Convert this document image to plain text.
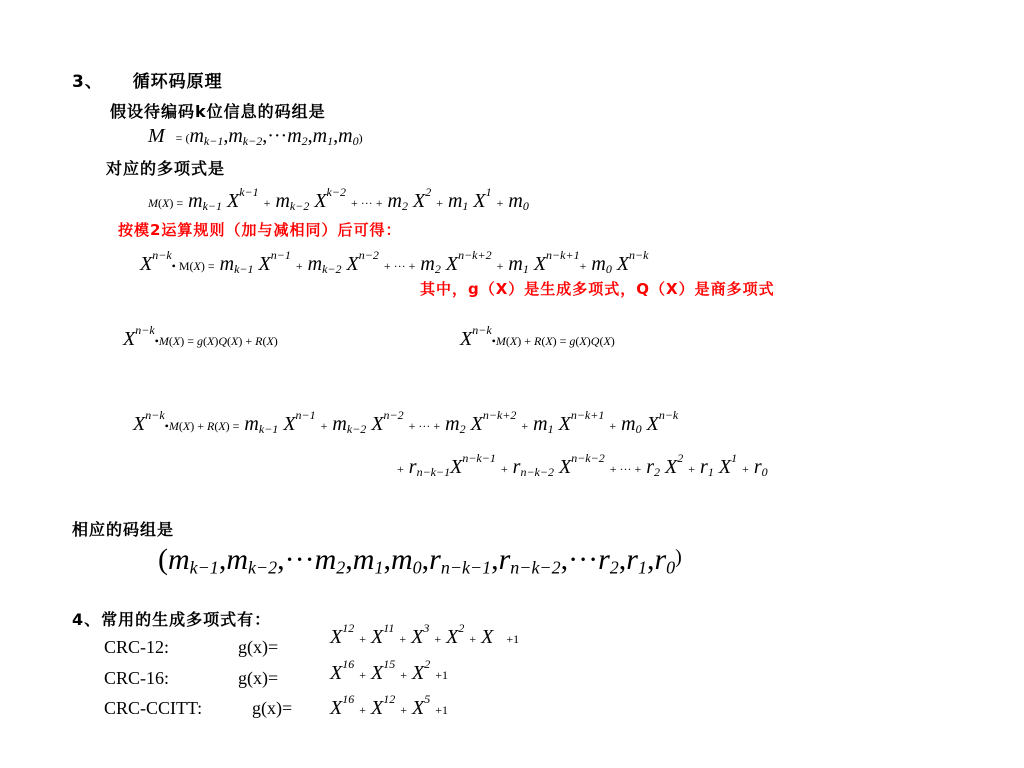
3、 循环码原理
假设待编码k位信息的码组是
$M = (m_{k-1},m_{k-2},\cdot\cdot\cdot m_2,m_1,m_0)$
对应的多项式是
$M(X) = m_{k-1}$ $X^{k-1} + m_{k-2}$ $X^{k-2}$ + ··· + $m_2$ $X^2 + m_1$ $X^1 + m_0$
按模2运算规则（加与减相同）后可得：
$X^{n-k}•$ $M(X) = m_{k-1}$ $X^{n-1} + m_{k-2}$ $X^{n-2}$ + ··· + $m_2$ $X^{n-k+2} + m_1$ $X^{n-k+1}+ m_0$ $X^{n-k}$
其中，g（X）是生成多项式，Q（X）是商多项式
$X^{n-k}•M(X) = g(X)Q(X) + R(X)$	$X^{n-k}•M(X) + R(X) = g(X)Q(X)$
$X^{n-k}•M(X) + R(X) = m_{k-1}$ $X^{n-1} + m_{k-2}$ $X^{n-2}$ + ··· + $m_2$ $X^{n-k+2} + m_1$ $X^{n-k+1} + m_0$ $X^{n-k}$
+ $r_{n-k-1}X^{n-k-1} + r_{n-k-2}$ $X^{n-k-2}$ + ··· + $r_2$ $X^2 + r_1$ $X^1 + r_0$
相应的码组是
($m_{k-1},m_{k-2},\cdot\cdot\cdot m_2,m_1,m_0,r_{n-k-1},r_{n-k-2},\cdot\cdot\cdot r_2,r_1,r_0^)$
4、常用的生成多项式有：
CRC-12:	g(x)=	$X^{12} + X^{11} + X^3 + X^2 + X +1$
CRC-16:	g(x)=	$X^{16} + X^{15} + X^2 +1$
CRC-CCITT:	$g(x)= X^{16} + X^{12} + X^5 +1$
